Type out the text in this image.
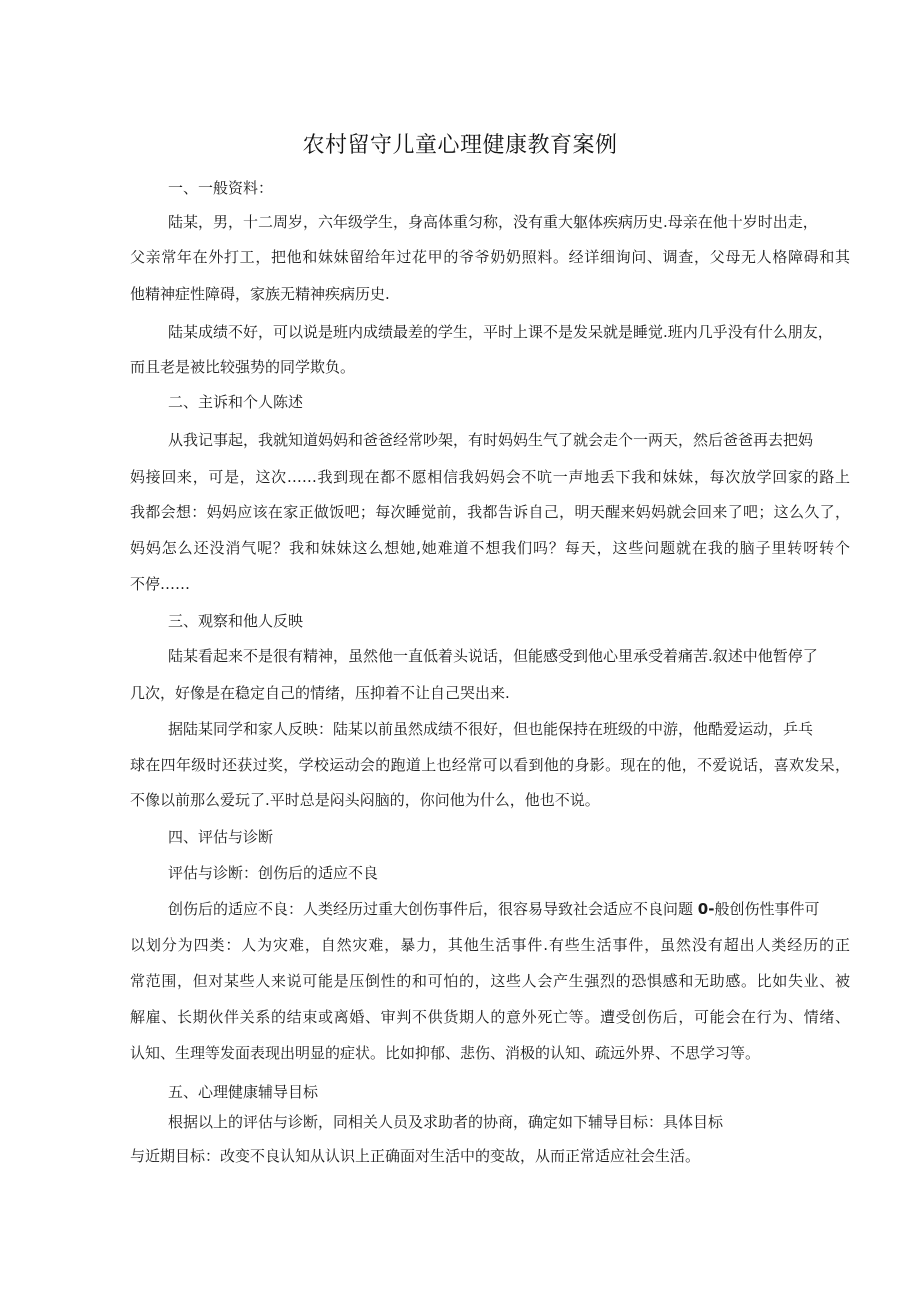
农村留守儿童心理健康教育案例
一、一般资料：
陆某，男，十二周岁，六年级学生，身高体重匀称，没有重大躯体疾病历史.母亲在他十岁时出走，
父亲常年在外打工，把他和妹妹留给年过花甲的爷爷奶奶照料。经详细询问、调查，父母无人格障碍和其
他精神症性障碍，家族无精神疾病历史.
陆某成绩不好，可以说是班内成绩最差的学生，平时上课不是发呆就是睡觉.班内几乎没有什么朋友，
而且老是被比较强势的同学欺负。
二、主诉和个人陈述
从我记事起，我就知道妈妈和爸爸经常吵架，有时妈妈生气了就会走个一两天，然后爸爸再去把妈
妈接回来，可是，这次……我到现在都不愿相信我妈妈会不吭一声地丢下我和妹妹，每次放学回家的路上
我都会想：妈妈应该在家正做饭吧；每次睡觉前，我都告诉自己，明天醒来妈妈就会回来了吧；这么久了，
妈妈怎么还没消气呢？我和妹妹这么想她,她难道不想我们吗？每天，这些问题就在我的脑子里转呀转个
不停……
三、观察和他人反映
陆某看起来不是很有精神，虽然他一直低着头说话，但能感受到他心里承受着痛苦.叙述中他暂停了
几次，好像是在稳定自己的情绪，压抑着不让自己哭出来.
据陆某同学和家人反映：陆某以前虽然成绩不很好，但也能保持在班级的中游，他酷爱运动，乒乓
球在四年级时还获过奖，学校运动会的跑道上也经常可以看到他的身影。现在的他，不爱说话，喜欢发呆，
不像以前那么爱玩了.平时总是闷头闷脑的，你问他为什么，他也不说。
四、评估与诊断
评估与诊断：创伤后的适应不良
创伤后的适应不良：人类经历过重大创伤事件后，很容易导致社会适应不良问题 0-般创伤性事件可
以划分为四类：人为灾难，自然灾难，暴力，其他生活事件.有些生活事件，虽然没有超出人类经历的正
常范围，但对某些人来说可能是压倒性的和可怕的，这些人会产生强烈的恐惧感和无助感。比如失业、被
解雇、长期伙伴关系的结束或离婚、审判不供货期人的意外死亡等。遭受创伤后，可能会在行为、情绪、
认知、生理等发面表现出明显的症状。比如抑郁、悲伤、消极的认知、疏远外界、不思学习等。
五、心理健康辅导目标
根据以上的评估与诊断，同相关人员及求助者的协商，确定如下辅导目标：具体目标
与近期目标：改变不良认知从认识上正确面对生活中的变故，从而正常适应社会生活。
